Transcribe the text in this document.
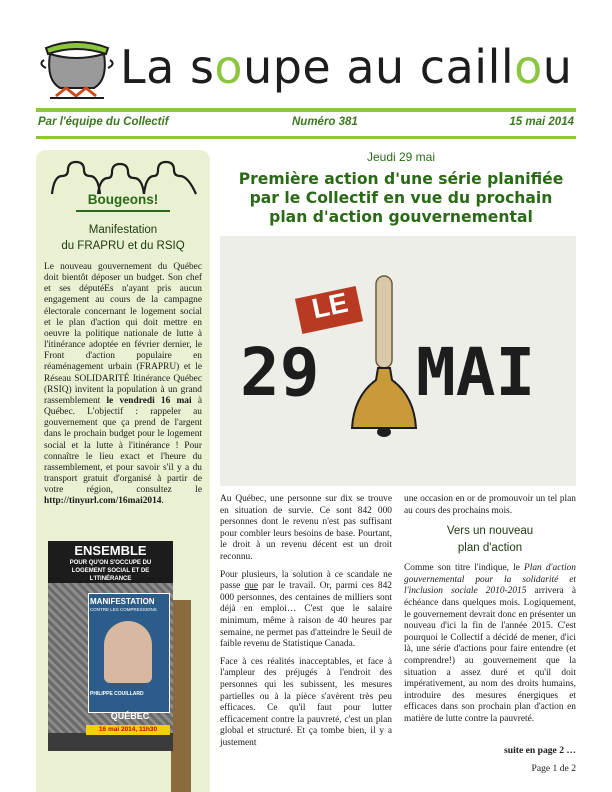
La soupe au caillou
Par l'équipe du Collectif	Numéro 381	15 mai 2014
Bougeons!
Manifestation
du FRAPRU et du RSIQ
Le nouveau gouvernement du Québec doit bientôt déposer un budget. Son chef et ses députéEs n'ayant pris aucun engagement au cours de la campagne électorale concernant le logement social et le plan d'action qui doit mettre en oeuvre la politique nationale de lutte à l'itinérance adoptée en février dernier, le Front d'action populaire en réaménagement urbain (FRAPRU) et le Réseau SOLIDARITÉ Itinérance Québec (RSIQ) invitent la population à un grand rassemblement le vendredi 16 mai à Québec. L'objectif : rappeler au gouvernement que ça prend de l'argent dans le prochain budget pour le logement social et la lutte à l'itinérance ! Pour connaître le lieu exact et l'heure du rassemblement, et pour savoir s'il y a du transport gratuit d'organisé à partir de votre région, consultez le http://tinyurl.com/16mai2014.
ENSEMBLE
POUR QU'ON S'OCCUPE DU LOGEMENT SOCIAL ET DE L'ITINÉRANCE
MANIFESTATION
CONTRE LES COMPRESSIONS
PHILIPPE COUILLARD
QUÉBEC
16 mai 2014, 11h30
Jeudi 29 mai
Première action d'une série planifiée
par le Collectif en vue du prochain
plan d'action gouvernemental
LE
29 MAI

Au Québec, une personne sur dix se trouve en situation de survie. Ce sont 842 000 personnes dont le revenu n'est pas suffisant pour combler leurs besoins de base. Pourtant, le droit à un revenu décent est un droit reconnu.

Pour plusieurs, la solution à ce scandale ne passe que par le travail. Or, parmi ces 842 000 personnes, des centaines de milliers sont déjà en emploi… C'est que le salaire minimum, même à raison de 40 heures par semaine, ne permet pas d'atteindre le Seuil de faible revenu de Statistique Canada.

Face à ces réalités inacceptables, et face à l'ampleur des préjugés à l'endroit des personnes qui les subissent, les mesures partielles ou à la pièce s'avèrent très peu efficaces. Ce qu'il faut pour lutter efficacement contre la pauvreté, c'est un plan global et structuré. Et ça tombe bien, il y a justement

une occasion en or de promouvoir un tel plan au cours des prochains mois.

Vers un nouveau
plan d'action

Comme son titre l'indique, le Plan d'action gouvernemental pour la solidarité et l'inclusion sociale 2010-2015 arrivera à échéance dans quelques mois. Logiquement, le gouvernement devrait donc en présenter un nouveau d'ici la fin de l'année 2015. C'est pourquoi le Collectif a décidé de mener, d'ici là, une série d'actions pour faire entendre (et comprendre!) au gouvernement que la situation a assez duré et qu'il doit impérativement, au nom des droits humains, introduire des mesures énergiques et efficaces dans son prochain plan d'action en matière de lutte contre la pauvreté.

suite en page 2 …
Page 1 de 2
